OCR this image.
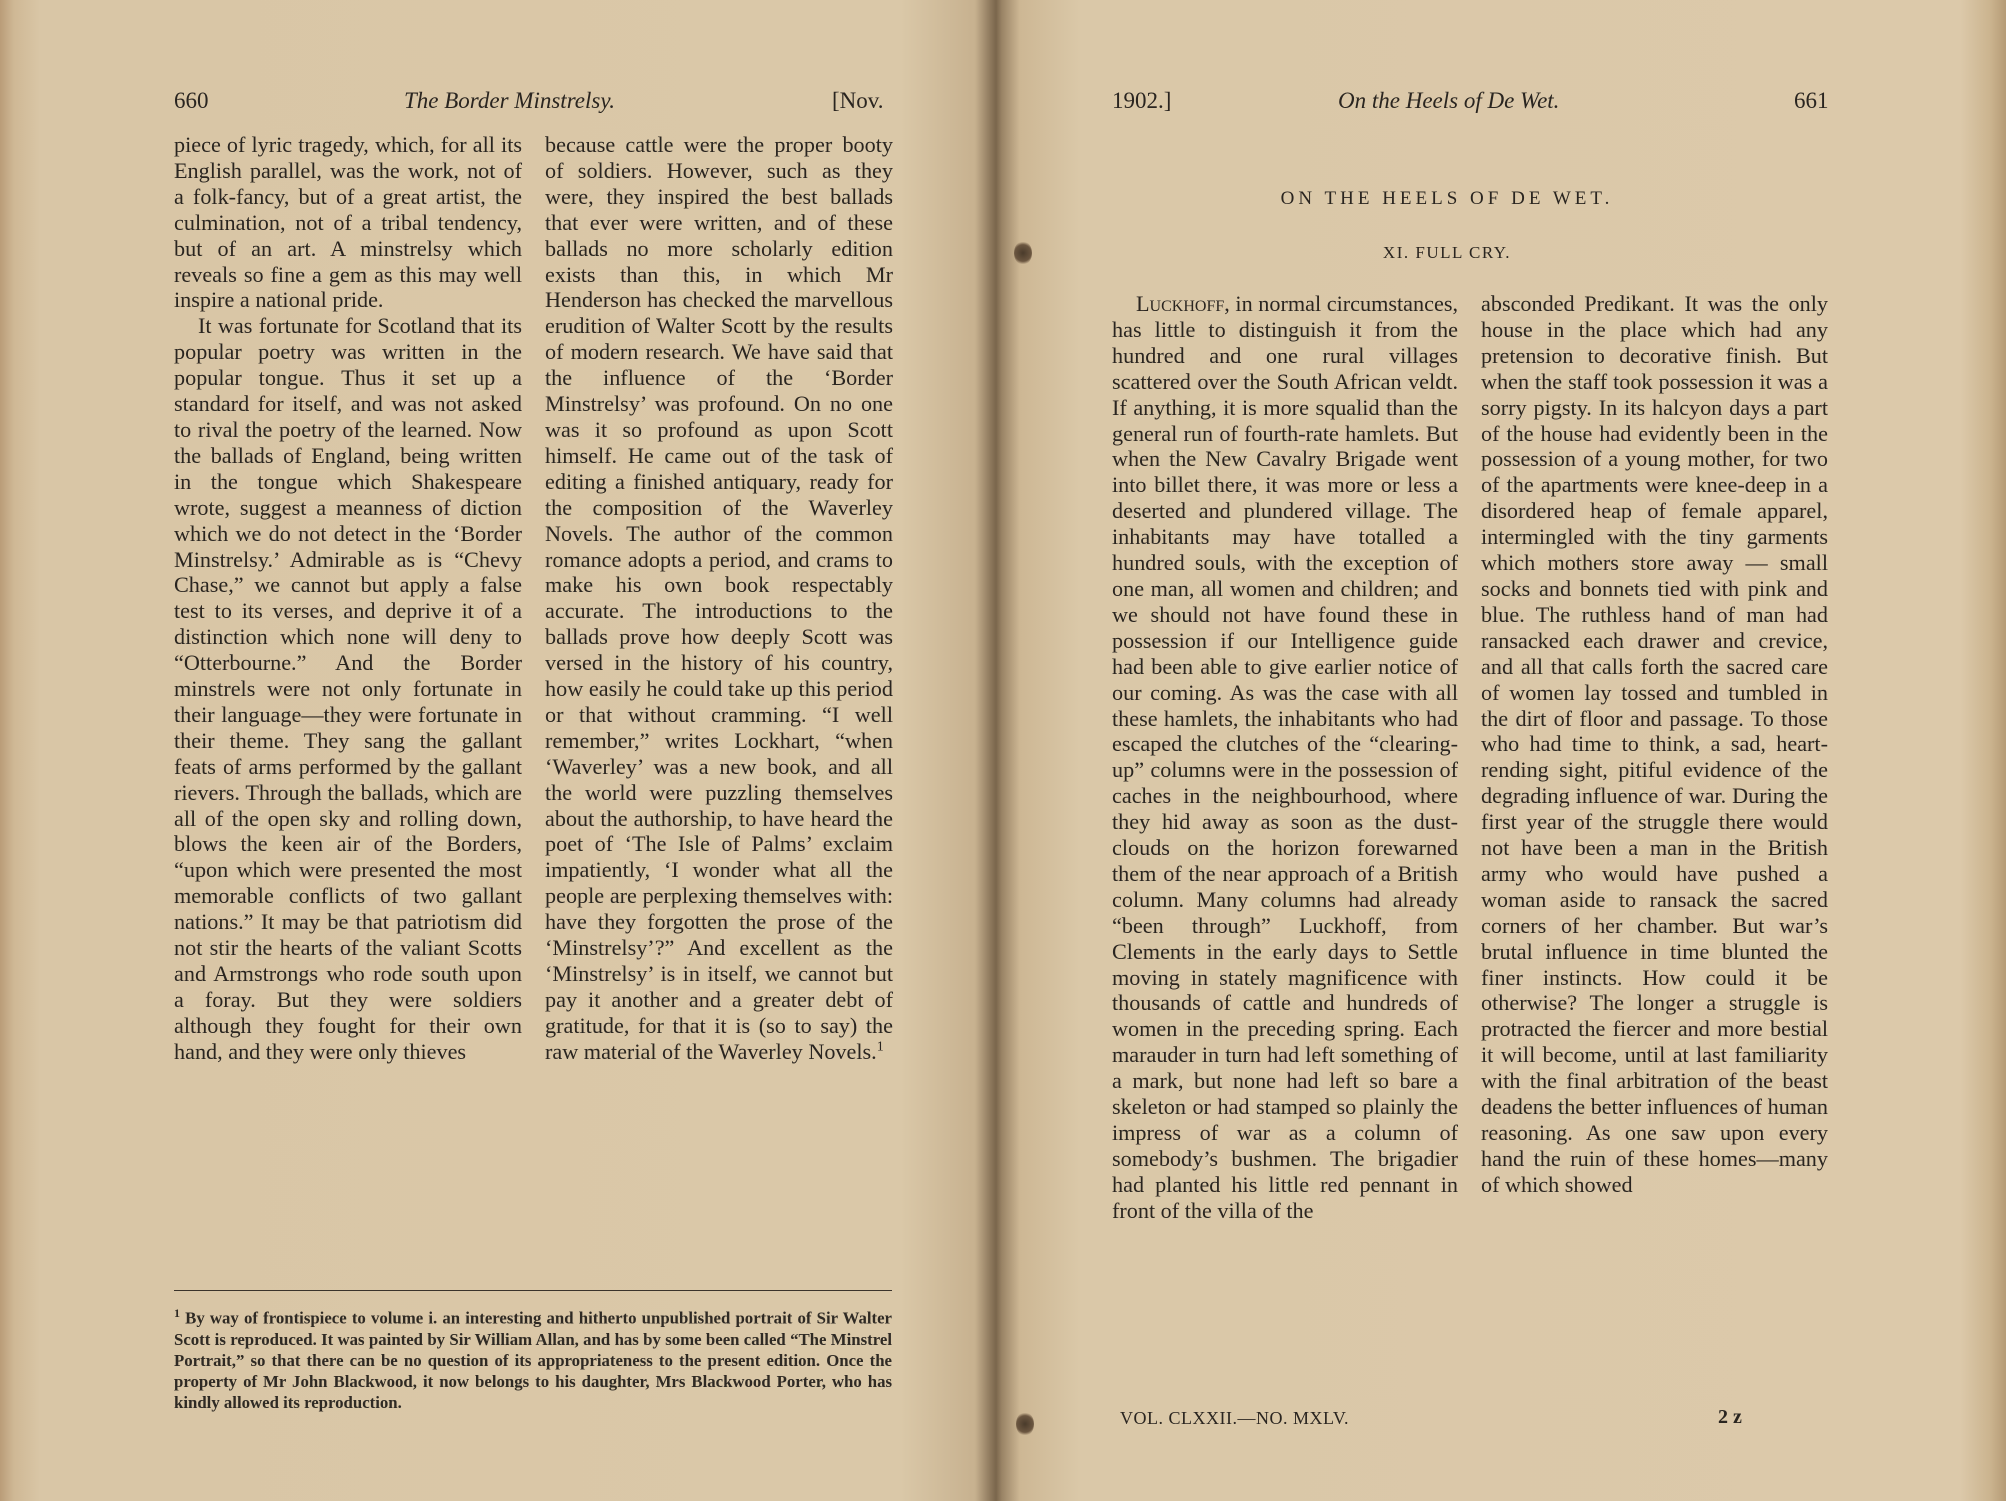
660	The Border Minstrelsy.	[Nov.

piece of lyric tragedy, which, for all its English parallel, was the work, not of a folk-fancy, but of a great artist, the culmination, not of a tribal tendency, but of an art. A minstrelsy which reveals so fine a gem as this may well inspire a national pride.

It was fortunate for Scotland that its popular poetry was written in the popular tongue. Thus it set up a standard for itself, and was not asked to rival the poetry of the learned. Now the ballads of England, being written in the tongue which Shakespeare wrote, suggest a meanness of diction which we do not detect in the ‘Border Minstrelsy.’ Admirable as is “Chevy Chase,” we cannot but apply a false test to its verses, and deprive it of a distinction which none will deny to “Otterbourne.” And the Border minstrels were not only fortunate in their language—they were fortunate in their theme. They sang the gallant feats of arms performed by the gallant rievers. Through the ballads, which are all of the open sky and rolling down, blows the keen air of the Borders, “upon which were presented the most memorable conflicts of two gallant nations.” It may be that patriotism did not stir the hearts of the valiant Scotts and Armstrongs who rode south upon a foray. But they were soldiers although they fought for their own hand, and they were only thieves

because cattle were the proper booty of soldiers. However, such as they were, they inspired the best ballads that ever were written, and of these ballads no more scholarly edition exists than this, in which Mr Henderson has checked the marvellous erudition of Walter Scott by the results of modern research. We have said that the influence of the ‘Border Minstrelsy’ was profound. On no one was it so profound as upon Scott himself. He came out of the task of editing a finished antiquary, ready for the composition of the Waverley Novels. The author of the common romance adopts a period, and crams to make his own book respectably accurate. The introductions to the ballads prove how deeply Scott was versed in the history of his country, how easily he could take up this period or that without cramming. “I well remember,” writes Lockhart, “when ‘Waverley’ was a new book, and all the world were puzzling themselves about the authorship, to have heard the poet of ‘The Isle of Palms’ exclaim impatiently, ‘I wonder what all the people are perplexing themselves with: have they forgotten the prose of the ‘Minstrelsy’?” And excellent as the ‘Minstrelsy’ is in itself, we cannot but pay it another and a greater debt of gratitude, for that it is (so to say) the raw material of the Waverley Novels.$^1$

$^1$ By way of frontispiece to volume i. an interesting and hitherto unpublished portrait of Sir Walter Scott is reproduced. It was painted by Sir William Allan, and has by some been called “The Minstrel Portrait,” so that there can be no question of its appropriateness to the present edition. Once the property of Mr John Blackwood, it now belongs to his daughter, Mrs Blackwood Porter, who has kindly allowed its reproduction.
1902.]	On the Heels of De Wet.	661
ON THE HEELS OF DE WET.
XI. FULL CRY.

Luckhoff, in normal circumstances, has little to distinguish it from the hundred and one rural villages scattered over the South African veldt. If anything, it is more squalid than the general run of fourth-rate hamlets. But when the New Cavalry Brigade went into billet there, it was more or less a deserted and plundered village. The inhabitants may have totalled a hundred souls, with the exception of one man, all women and children; and we should not have found these in possession if our Intelligence guide had been able to give earlier notice of our coming. As was the case with all these hamlets, the inhabitants who had escaped the clutches of the “clearing-up” columns were in the possession of caches in the neighbourhood, where they hid away as soon as the dust-clouds on the horizon forewarned them of the near approach of a British column. Many columns had already “been through” Luckhoff, from Clements in the early days to Settle moving in stately magnificence with thousands of cattle and hundreds of women in the preceding spring. Each marauder in turn had left something of a mark, but none had left so bare a skeleton or had stamped so plainly the impress of war as a column of somebody’s bushmen. The brigadier had planted his little red pennant in front of the villa of the

absconded Predikant. It was the only house in the place which had any pretension to decorative finish. But when the staff took possession it was a sorry pigsty. In its halcyon days a part of the house had evidently been in the possession of a young mother, for two of the apartments were knee-deep in a disordered heap of female apparel, intermingled with the tiny garments which mothers store away — small socks and bonnets tied with pink and blue. The ruthless hand of man had ransacked each drawer and crevice, and all that calls forth the sacred care of women lay tossed and tumbled in the dirt of floor and passage. To those who had time to think, a sad, heart-rending sight, pitiful evidence of the degrading influence of war. During the first year of the struggle there would not have been a man in the British army who would have pushed a woman aside to ransack the sacred corners of her chamber. But war’s brutal influence in time blunted the finer instincts. How could it be otherwise? The longer a struggle is protracted the fiercer and more bestial it will become, until at last familiarity with the final arbitration of the beast deadens the better influences of human reasoning. As one saw upon every hand the ruin of these homes—many of which showed

VOL. CLXXII.—NO. MXLV.	2 z
